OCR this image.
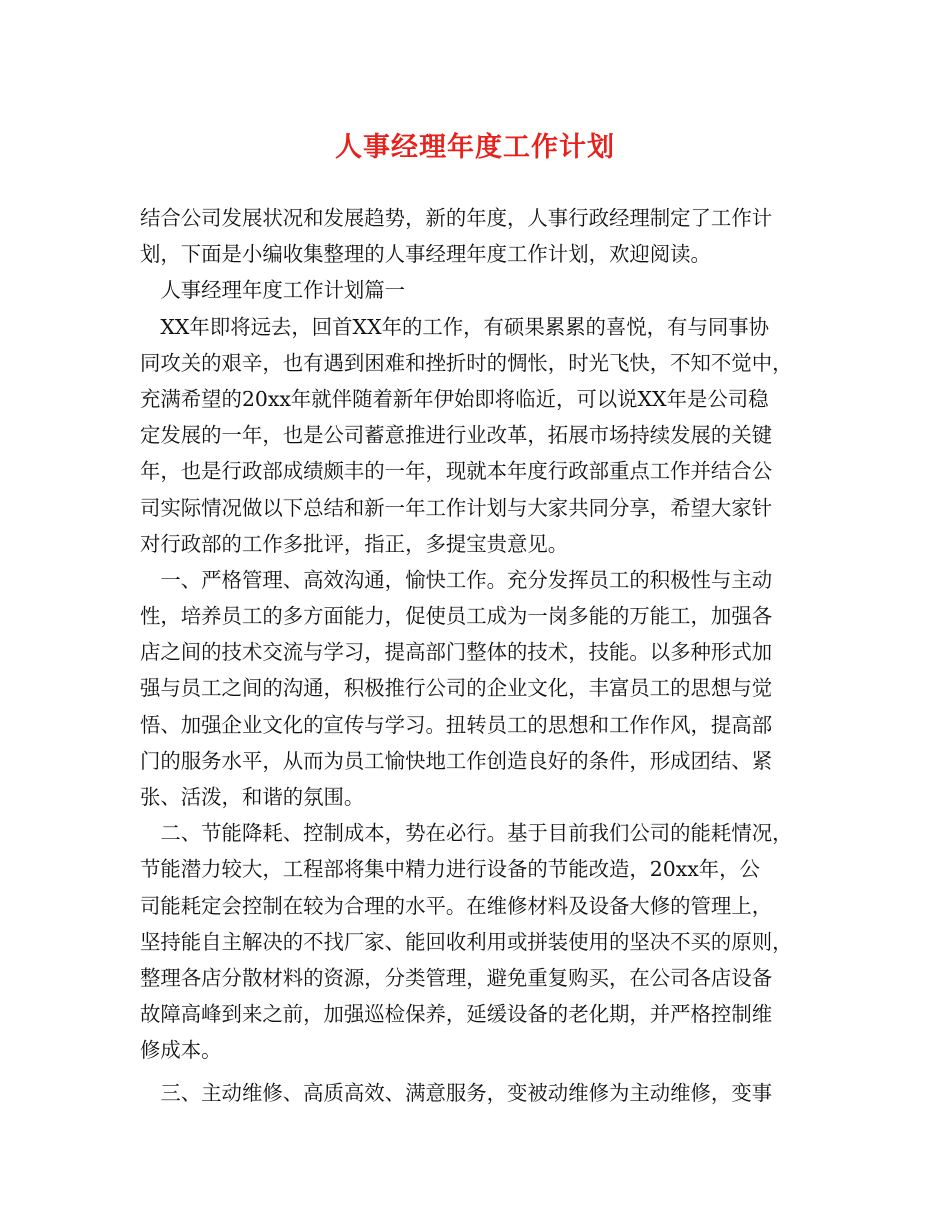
人事经理年度工作计划
结合公司发展状况和发展趋势，新的年度，人事行政经理制定了工作计
划，下面是小编收集整理的人事经理年度工作计划，欢迎阅读。
　人事经理年度工作计划篇一
　XX年即将远去，回首XX年的工作，有硕果累累的喜悦，有与同事协
同攻关的艰辛，也有遇到困难和挫折时的惆怅，时光飞快，不知不觉中，
充满希望的20xx年就伴随着新年伊始即将临近，可以说XX年是公司稳
定发展的一年，也是公司蓄意推进行业改革，拓展市场持续发展的关键
年，也是行政部成绩颇丰的一年，现就本年度行政部重点工作并结合公
司实际情况做以下总结和新一年工作计划与大家共同分享，希望大家针
对行政部的工作多批评，指正，多提宝贵意见。
　一、严格管理、高效沟通，愉快工作。充分发挥员工的积极性与主动
性，培养员工的多方面能力，促使员工成为一岗多能的万能工，加强各
店之间的技术交流与学习，提高部门整体的技术，技能。以多种形式加
强与员工之间的沟通，积极推行公司的企业文化，丰富员工的思想与觉
悟、加强企业文化的宣传与学习。扭转员工的思想和工作作风，提高部
门的服务水平，从而为员工愉快地工作创造良好的条件，形成团结、紧
张、活泼，和谐的氛围。
　二、节能降耗、控制成本，势在必行。基于目前我们公司的能耗情况，
节能潜力较大，工程部将集中精力进行设备的节能改造，20xx年，公
司能耗定会控制在较为合理的水平。在维修材料及设备大修的管理上，
坚持能自主解决的不找厂家、能回收利用或拼装使用的坚决不买的原则，
整理各店分散材料的资源，分类管理，避免重复购买，在公司各店设备
故障高峰到来之前，加强巡检保养，延缓设备的老化期，并严格控制维
修成本。
　三、主动维修、高质高效、满意服务，变被动维修为主动维修，变事
